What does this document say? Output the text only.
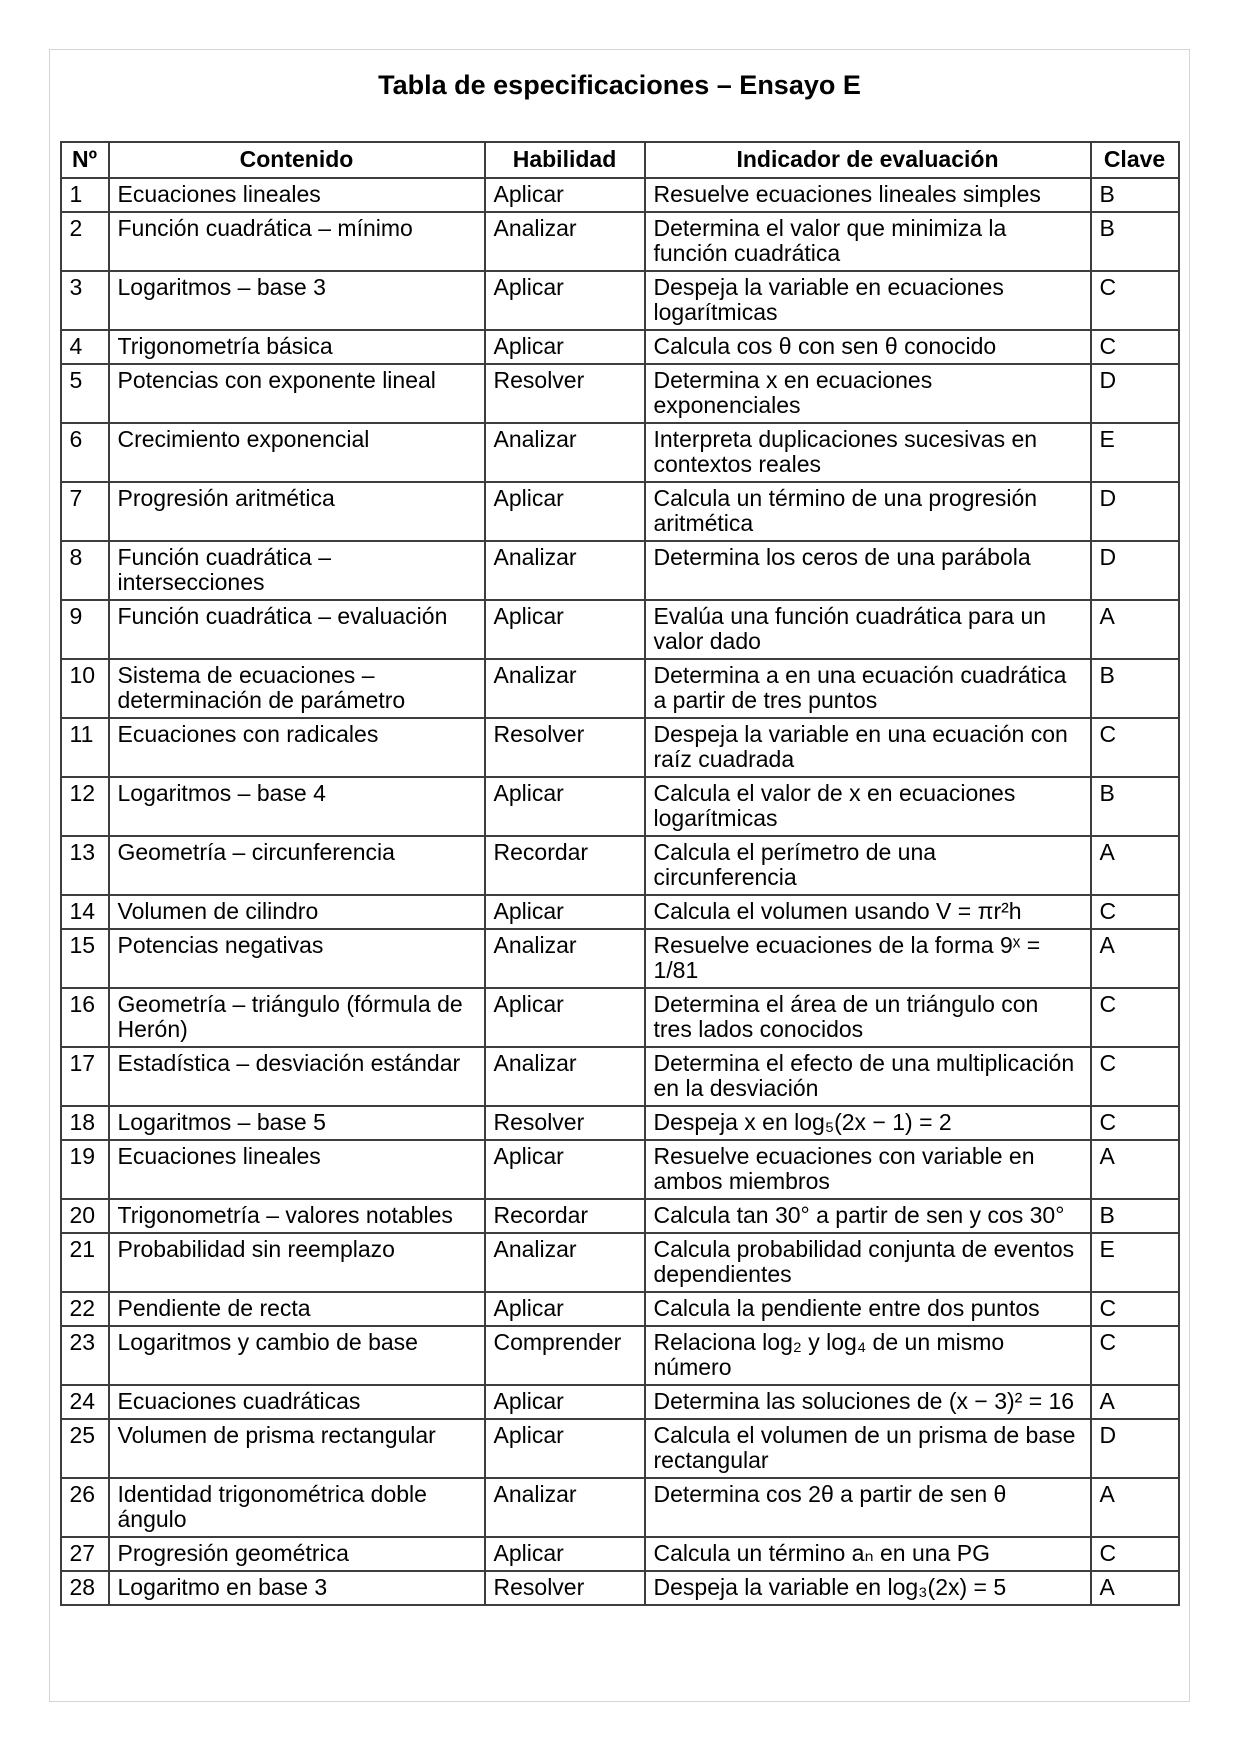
Tabla de especificaciones – Ensayo E
Nº	Contenido	Habilidad	Indicador de evaluación	Clave
1	Ecuaciones lineales	Aplicar	Resuelve ecuaciones lineales simples	B
2	Función cuadrática – mínimo	Analizar	Determina el valor que minimiza la función cuadrática	B
3	Logaritmos – base 3	Aplicar	Despeja la variable en ecuaciones logarítmicas	C
4	Trigonometría básica	Aplicar	Calcula cos θ con sen θ conocido	C
5	Potencias con exponente lineal	Resolver	Determina x en ecuaciones exponenciales	D
6	Crecimiento exponencial	Analizar	Interpreta duplicaciones sucesivas en contextos reales	E
7	Progresión aritmética	Aplicar	Calcula un término de una progresión aritmética	D
8	Función cuadrática – intersecciones	Analizar	Determina los ceros de una parábola	D
9	Función cuadrática – evaluación	Aplicar	Evalúa una función cuadrática para un valor dado	A
10	Sistema de ecuaciones – determinación de parámetro	Analizar	Determina a en una ecuación cuadrática a partir de tres puntos	B
11	Ecuaciones con radicales	Resolver	Despeja la variable en una ecuación con raíz cuadrada	C
12	Logaritmos – base 4	Aplicar	Calcula el valor de x en ecuaciones logarítmicas	B
13	Geometría – circunferencia	Recordar	Calcula el perímetro de una circunferencia	A
14	Volumen de cilindro	Aplicar	Calcula el volumen usando V = πr²h	C
15	Potencias negativas	Analizar	Resuelve ecuaciones de la forma 9ˣ = 1/81	A
16	Geometría – triángulo (fórmula de Herón)	Aplicar	Determina el área de un triángulo con tres lados conocidos	C
17	Estadística – desviación estándar	Analizar	Determina el efecto de una multiplicación en la desviación	C
18	Logaritmos – base 5	Resolver	Despeja x en log₅(2x − 1) = 2	C
19	Ecuaciones lineales	Aplicar	Resuelve ecuaciones con variable en ambos miembros	A
20	Trigonometría – valores notables	Recordar	Calcula tan 30° a partir de sen y cos 30°	B
21	Probabilidad sin reemplazo	Analizar	Calcula probabilidad conjunta de eventos dependientes	E
22	Pendiente de recta	Aplicar	Calcula la pendiente entre dos puntos	C
23	Logaritmos y cambio de base	Comprender	Relaciona log₂ y log₄ de un mismo número	C
24	Ecuaciones cuadráticas	Aplicar	Determina las soluciones de (x − 3)² = 16	A
25	Volumen de prisma rectangular	Aplicar	Calcula el volumen de un prisma de base rectangular	D
26	Identidad trigonométrica doble ángulo	Analizar	Determina cos 2θ a partir de sen θ	A
27	Progresión geométrica	Aplicar	Calcula un término aₙ en una PG	C
28	Logaritmo en base 3	Resolver	Despeja la variable en log₃(2x) = 5	A
